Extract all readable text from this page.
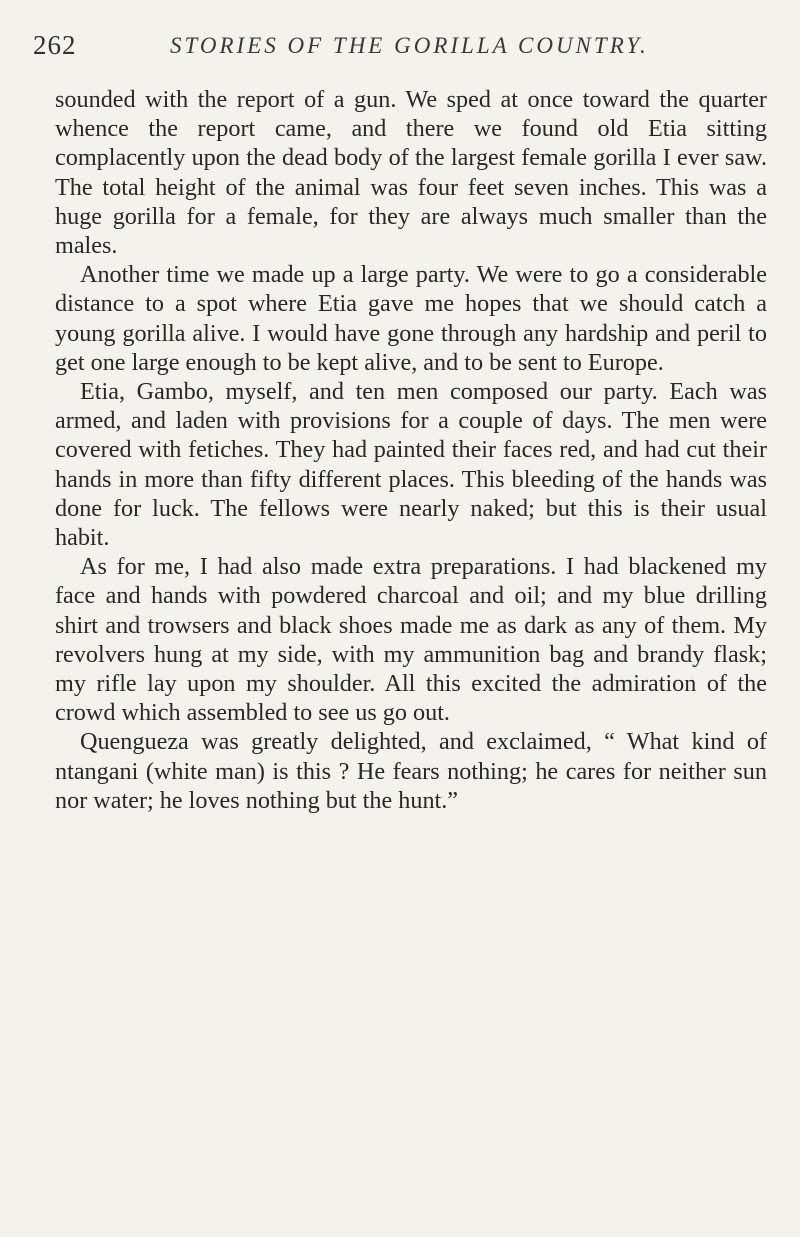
262	STORIES OF THE GORILLA COUNTRY.

sounded with the report of a gun. We sped at once toward the quarter whence the report came, and there we found old Etia sitting complacently upon the dead body of the largest female gorilla I ever saw. The total height of the animal was four feet seven inches. This was a huge gorilla for a female, for they are always much smaller than the males.

Another time we made up a large party. We were to go a considerable distance to a spot where Etia gave me hopes that we should catch a young gorilla alive. I would have gone through any hardship and peril to get one large enough to be kept alive, and to be sent to Europe.

Etia, Gambo, myself, and ten men composed our party. Each was armed, and laden with provisions for a couple of days. The men were covered with fetiches. They had painted their faces red, and had cut their hands in more than fifty different places. This bleeding of the hands was done for luck. The fellows were nearly naked; but this is their usual habit.

As for me, I had also made extra preparations. I had blackened my face and hands with powdered charcoal and oil; and my blue drilling shirt and trowsers and black shoes made me as dark as any of them. My revolvers hung at my side, with my ammunition bag and brandy flask; my rifle lay upon my shoulder. All this excited the admiration of the crowd which assembled to see us go out.

Quengueza was greatly delighted, and exclaimed, “ What kind of ntangani (white man) is this ? He fears nothing; he cares for neither sun nor water; he loves nothing but the hunt.”
